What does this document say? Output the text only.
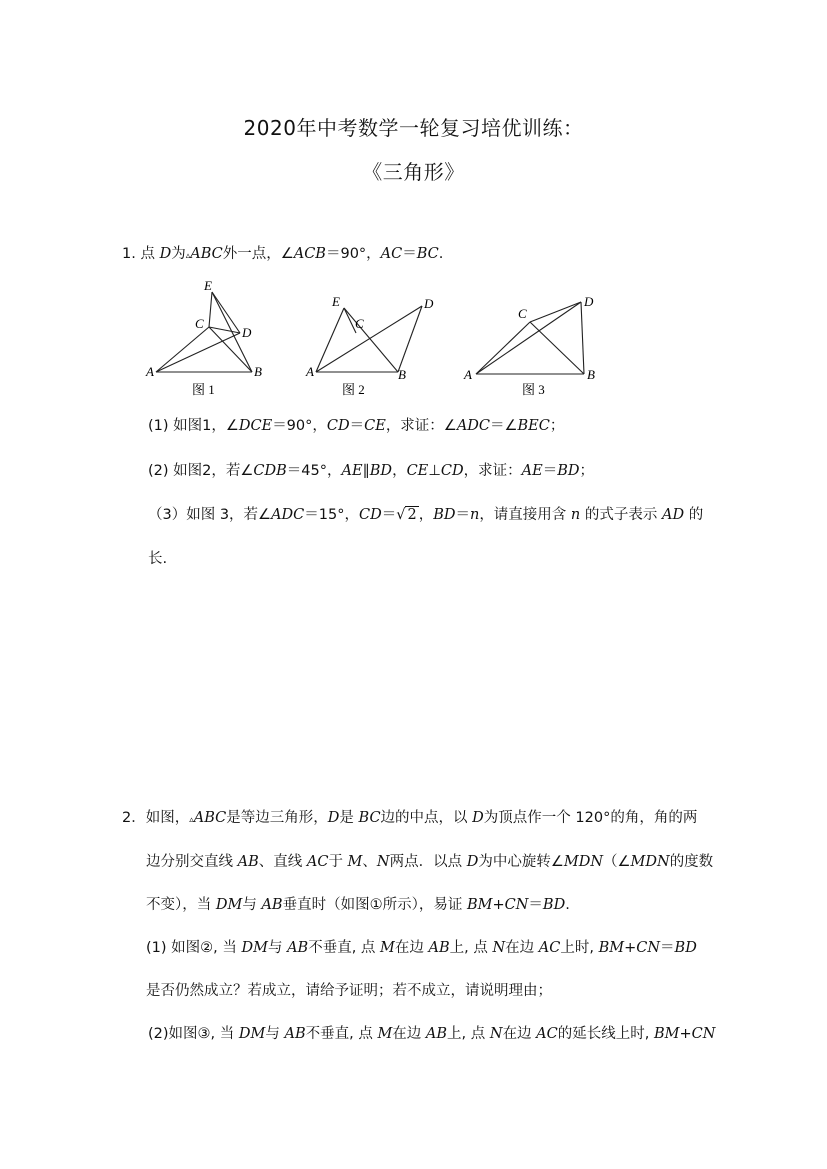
2020年中考数学一轮复习培优训练：
《三角形》
1. 点 D为▵ABC外一点，∠ACB＝90°，AC＝BC.
E
C
D
A	B
图 1
E
C
D
A	B
图 2
C
D
A	B
图 3
(1) 如图1，∠DCE＝90°，CD＝CE，求证：∠ADC＝∠BEC；
(2) 如图2，若∠CDB＝45°，AE∥BD，CE⊥CD，求证：AE＝BD；
（3）如图 3，若∠ADC＝15°，CD＝√ 2 ，BD＝n，请直接用含 n 的式子表示 AD 的
长.
2．如图，▵ABC是等边三角形，D是 BC边的中点，以 D为顶点作一个 120°的角，角的两
边分别交直线 AB、直线 AC于 M、N两点．以点 D为中心旋转∠MDN（∠MDN的度数
不变），当 DM与 AB垂直时（如图①所示），易证 BM+CN＝BD.
(1) 如图②, 当 DM与 AB不垂直, 点 M在边 AB上, 点 N在边 AC上时, BM+CN＝BD
是否仍然成立？若成立，请给予证明；若不成立，请说明理由；
(2)如图③, 当 DM与 AB不垂直, 点 M在边 AB上, 点 N在边 AC的延长线上时, BM+CN
